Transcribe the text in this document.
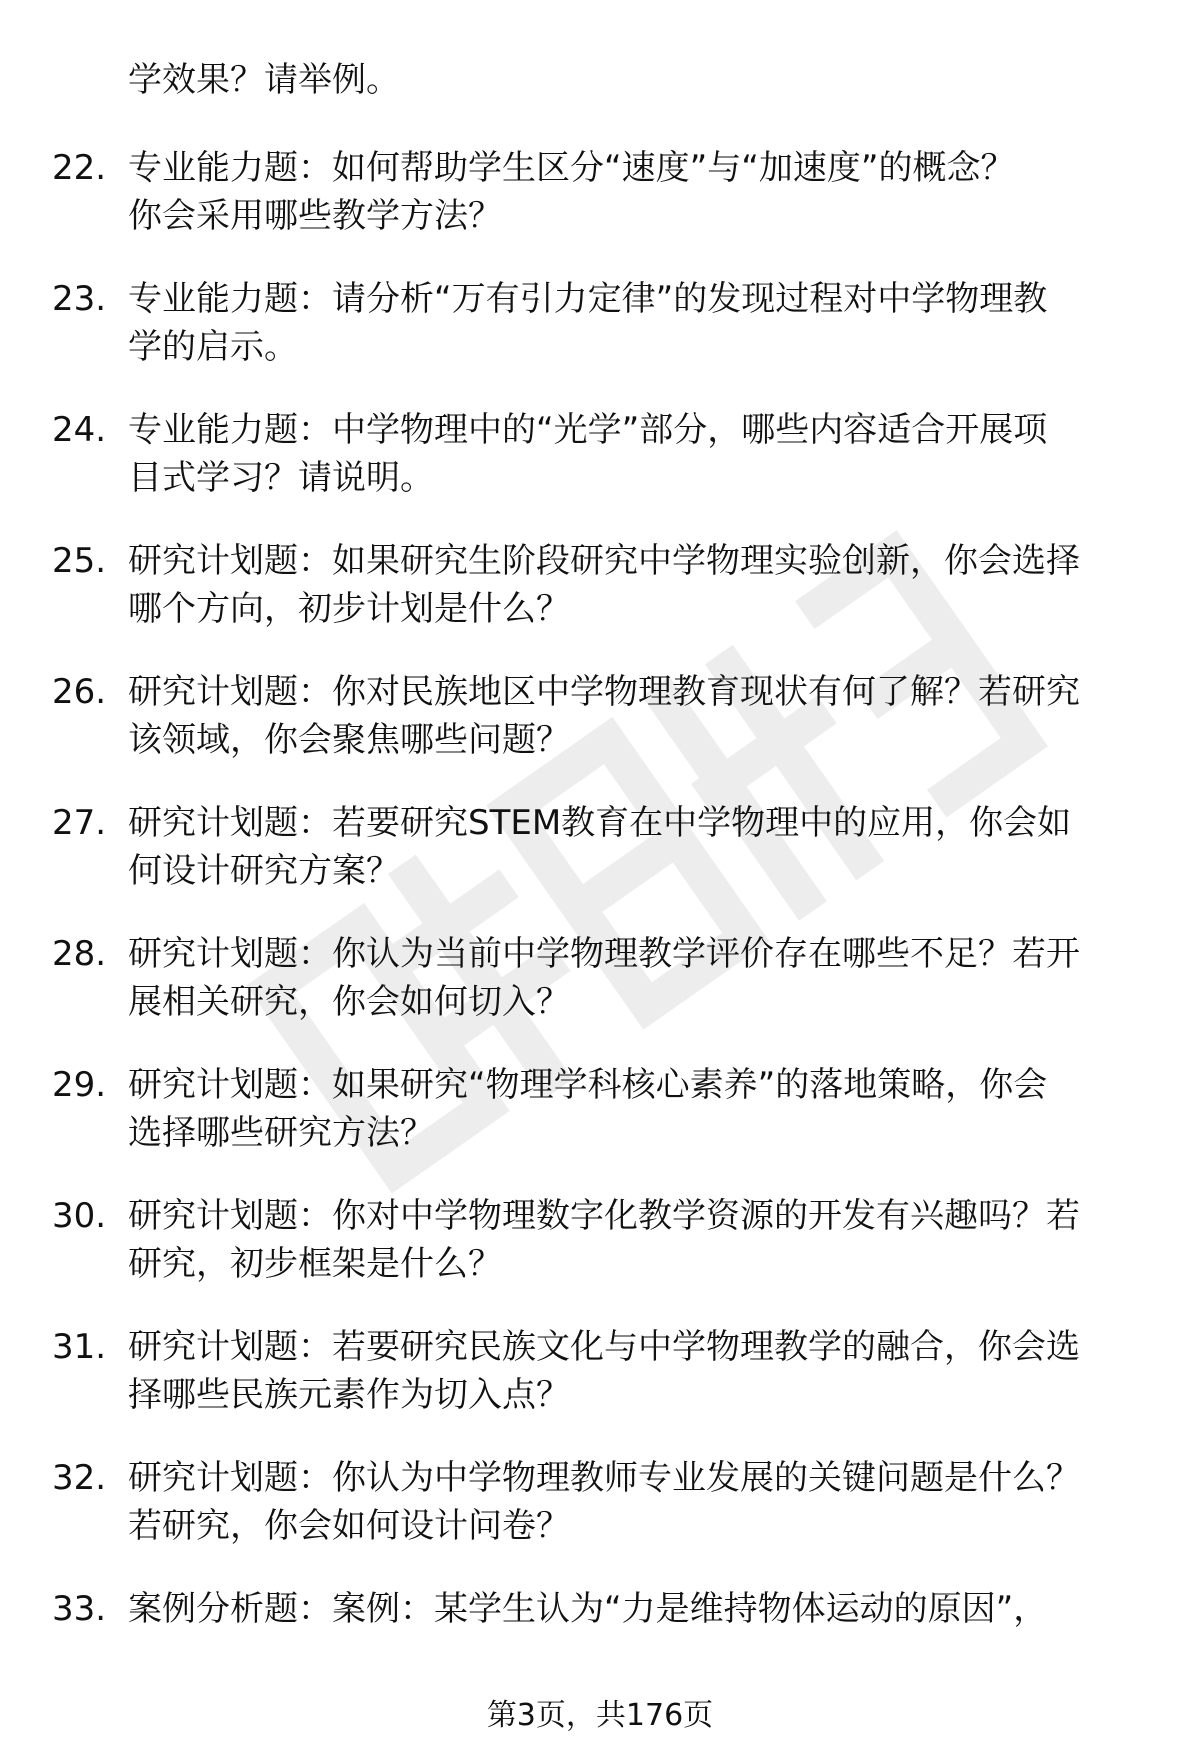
学效果？请举例。
22. 专业能力题：如何帮助学生区分“速度”与“加速度”的概念？
你会采用哪些教学方法？
23. 专业能力题：请分析“万有引力定律”的发现过程对中学物理教
学的启示。
24. 专业能力题：中学物理中的“光学”部分，哪些内容适合开展项
目式学习？请说明。
25. 研究计划题：如果研究生阶段研究中学物理实验创新，你会选择
哪个方向，初步计划是什么？
26. 研究计划题：你对民族地区中学物理教育现状有何了解？若研究
该领域，你会聚焦哪些问题？
27. 研究计划题：若要研究STEM教育在中学物理中的应用，你会如
何设计研究方案？
28. 研究计划题：你认为当前中学物理教学评价存在哪些不足？若开
展相关研究，你会如何切入？
29. 研究计划题：如果研究“物理学科核心素养”的落地策略，你会
选择哪些研究方法？
30. 研究计划题：你对中学物理数字化教学资源的开发有兴趣吗？若
研究，初步框架是什么？
31. 研究计划题：若要研究民族文化与中学物理教学的融合，你会选
择哪些民族元素作为切入点？
32. 研究计划题：你认为中学物理教师专业发展的关键问题是什么？
若研究，你会如何设计问卷？
33. 案例分析题：案例：某学生认为“力是维持物体运动的原因”，
第3页，共176页
